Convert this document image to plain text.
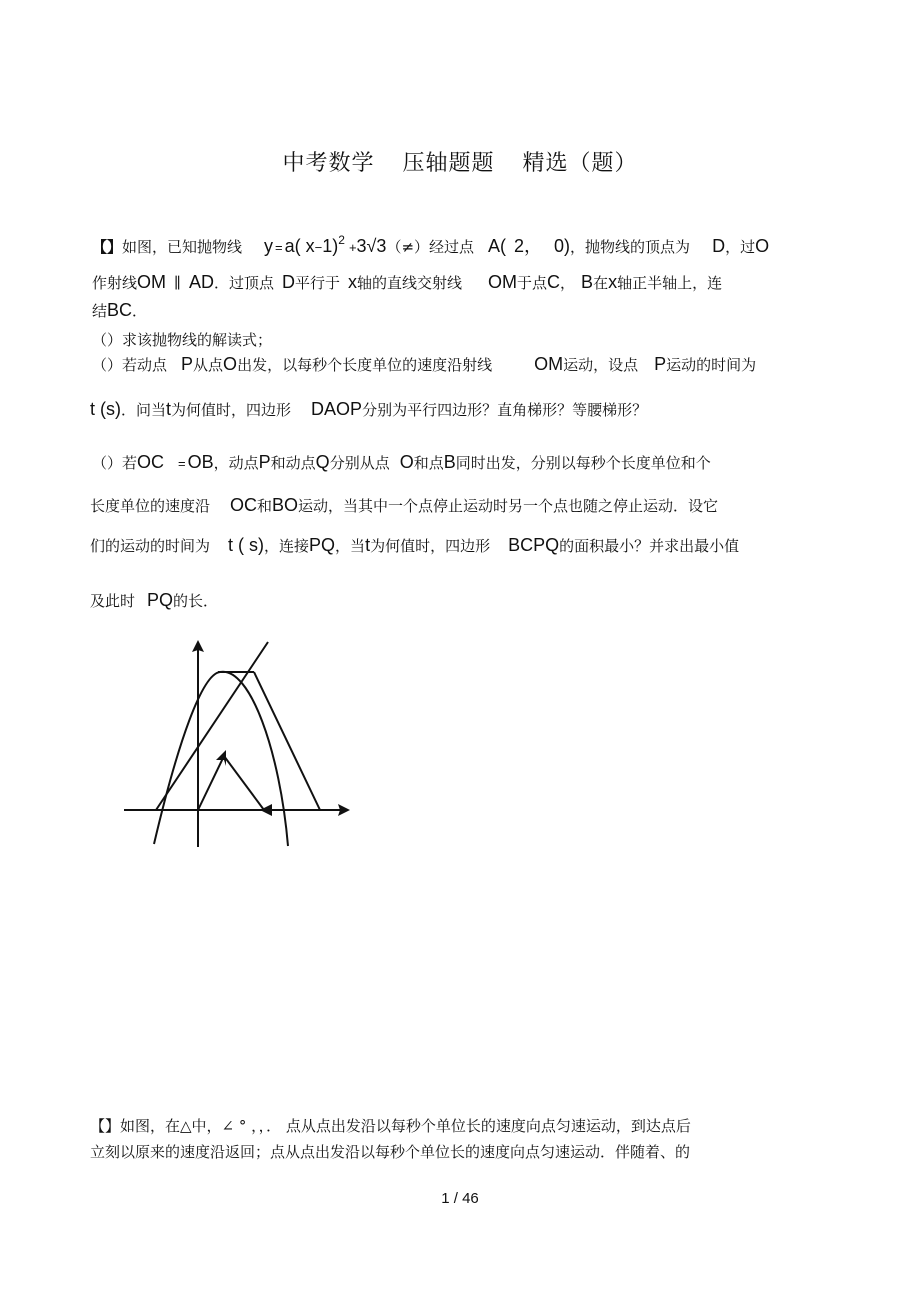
中考数学 压轴题题 精选（题）
【】如图，已知抛物线 y = a( x−1)$^2$ +3√3（≠）经过点 A( 2， 0)，抛物线的顶点为 D，过O
作射线OM ∥ AD．过顶点 D平行于 x轴的直线交射线 OM于点C， B在x轴正半轴上，连
结BC．
（）求该抛物线的解读式；
（）若动点 P从点O出发，以每秒个长度单位的速度沿射线 OM运动，设点 P运动的时间为
t (s)．问当t为何值时，四边形 DAOP分别为平行四边形？直角梯形？等腰梯形？
（）若OC = OB，动点P和动点Q分别从点 O和点B同时出发，分别以每秒个长度单位和个
长度单位的速度沿 OC和BO运动，当其中一个点停止运动时另一个点也随之停止运动．设它
们的运动的时间为 t ( s)，连接PQ，当t为何值时，四边形 BCPQ的面积最小？并求出最小值
及此时 PQ的长．
【】如图，在△中，∠ ° ，，． 点从点出发沿以每秒个单位长的速度向点匀速运动，到达点后
立刻以原来的速度沿返回；点从点出发沿以每秒个单位长的速度向点匀速运动．伴随着、的
1 / 46
